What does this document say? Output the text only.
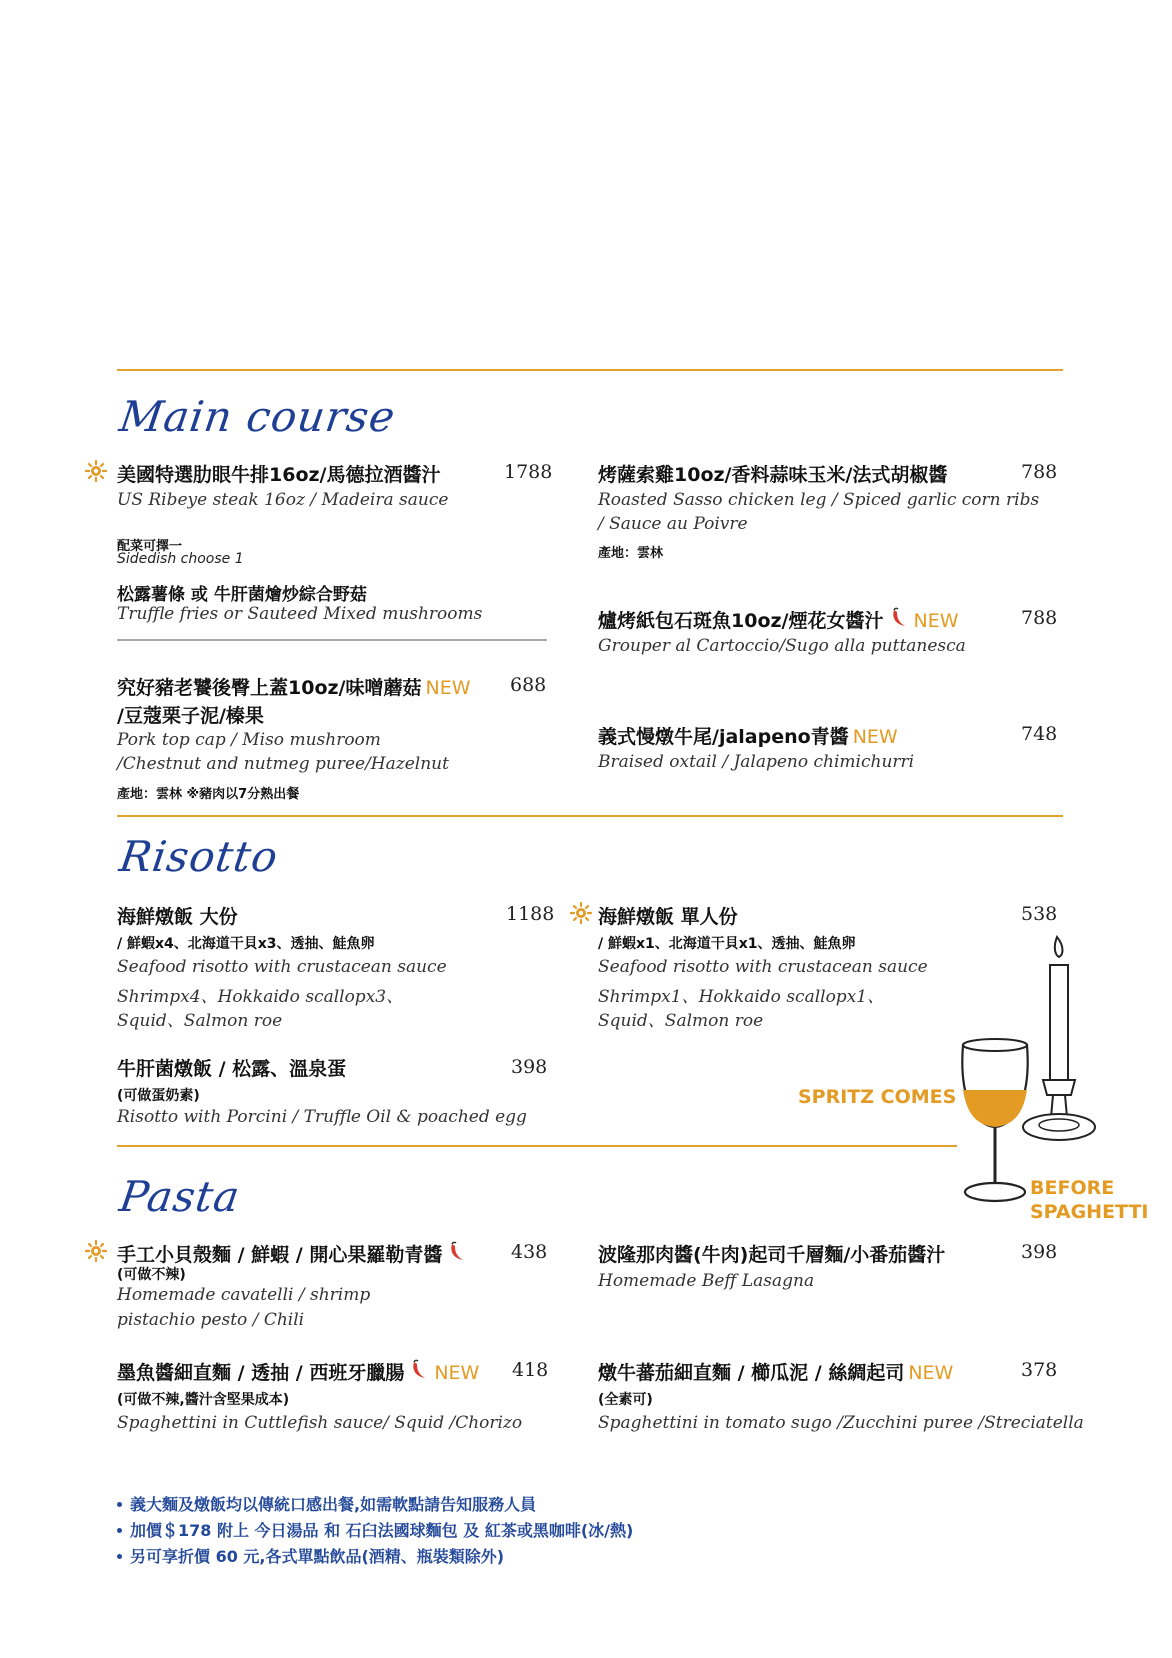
Main course
美國特選肋眼牛排16oz/馬德拉酒醬汁	1788
US Ribeye steak 16oz / Madeira sauce
配菜可擇一
Sidedish choose 1
松露薯條 或 牛肝菌燴炒綜合野菇
Truffle fries or Sauteed Mixed mushrooms
究好豬老饕後臀上蓋10oz/味噌蘑菇 NEW 688
/豆蔻栗子泥/榛果
Pork top cap / Miso mushroom
/Chestnut and nutmeg puree/Hazelnut
產地：雲林 ※豬肉以7分熟出餐
烤薩索雞10oz/香料蒜味玉米/法式胡椒醬	788
Roasted Sasso chicken leg / Spiced garlic corn ribs
/ Sauce au Poivre
產地：雲林
爐烤紙包石斑魚10oz/煙花女醬汁 NEW	788
Grouper al Cartoccio/Sugo alla puttanesca
義式慢燉牛尾/jalapeno青醬 NEW	748
Braised oxtail / Jalapeno chimichurri
Risotto
海鮮燉飯 大份	1188
/ 鮮蝦x4、北海道干貝x3、透抽、鮭魚卵
Seafood risotto with crustacean sauce
Shrimpx4、Hokkaido scallopx3、
Squid、Salmon roe
牛肝菌燉飯 / 松露、溫泉蛋	398
(可做蛋奶素)
Risotto with Porcini / Truffle Oil & poached egg
海鮮燉飯 單人份	538
/ 鮮蝦x1、北海道干貝x1、透抽、鮭魚卵
Seafood risotto with crustacean sauce
Shrimpx1、Hokkaido scallopx1、
Squid、Salmon roe
SPRITZ COMES
BEFORE
SPAGHETTI
Pasta
手工小貝殼麵 / 鮮蝦 / 開心果羅勒青醬	438
(可做不辣)
Homemade cavatelli / shrimp
pistachio pesto / Chili
墨魚醬細直麵 / 透抽 / 西班牙臘腸 NEW 418
(可做不辣,醬汁含堅果成本)
Spaghettini in Cuttlefish sauce/ Squid /Chorizo
波隆那肉醬(牛肉)起司千層麵/小番茄醬汁	398
Homemade Beff Lasagna
燉牛蕃茄細直麵 / 櫛瓜泥 / 絲綢起司 NEW	378
(全素可)
Spaghettini in tomato sugo /Zucchini puree /Streciatella
義大麵及燉飯均以傳統口感出餐,如需軟點請告知服務人員
加價＄178 附上 今日湯品 和 石臼法國球麵包 及 紅茶或黑咖啡(冰/熱)
另可享折價 60 元,各式單點飲品(酒精、瓶裝類除外)
